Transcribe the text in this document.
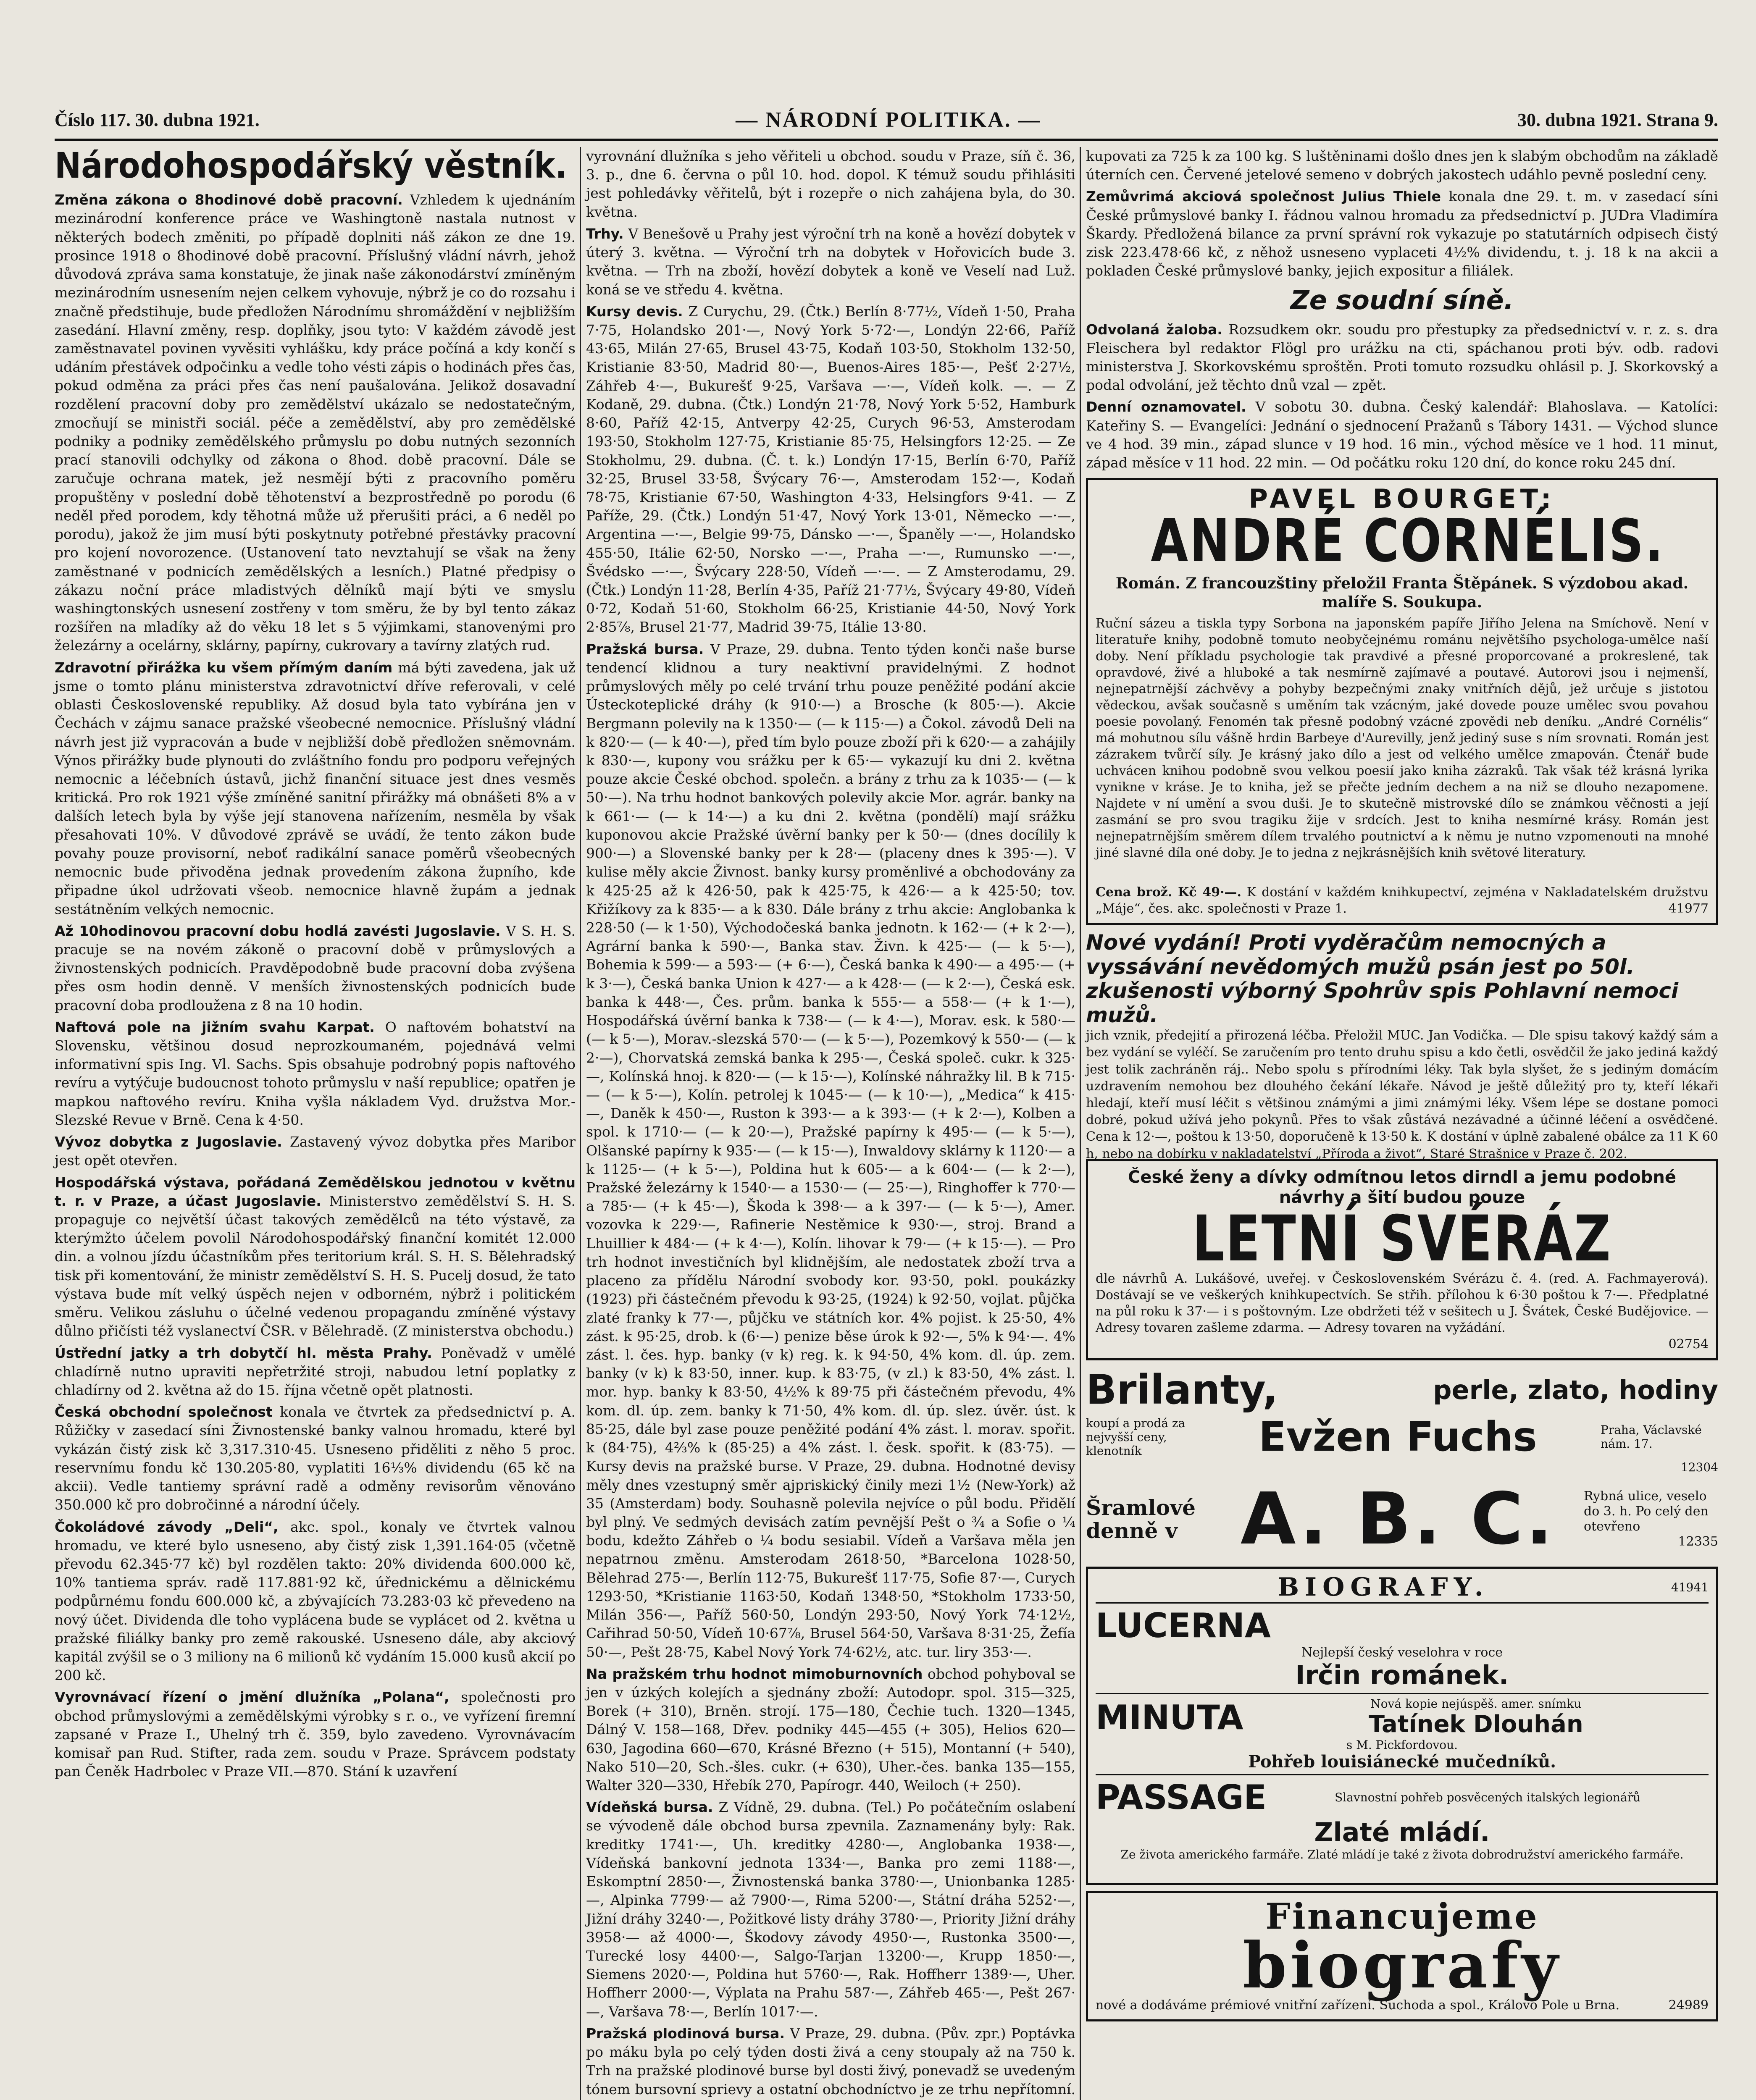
Číslo 117. 30. dubna 1921.	— NÁRODNÍ POLITIKA. —	30. dubna 1921. Strana 9.
Národohospodářský věstník.

Změna zákona o 8hodinové době pracovní. Vzhledem k ujednáním mezinárodní konference práce ve Washingtoně nastala nutnost v některých bodech změniti, po případě doplniti náš zákon ze dne 19. prosince 1918 o 8hodinové době pracovní. Příslušný vládní návrh, jehož důvodová zpráva sama konstatuje, že jinak naše zákonodárství zmíněným mezinárodním usnesením nejen celkem vyhovuje, nýbrž je co do rozsahu i značně předstihuje, bude předložen Národnímu shromáždění v nejbližším zasedání. Hlavní změny, resp. doplňky, jsou tyto: V každém závodě jest zaměstnavatel povinen vyvěsiti vyhlášku, kdy práce počíná a kdy končí s udáním přestávek odpočinku a vedle toho vésti zápis o hodinách přes čas, pokud odměna za práci přes čas není paušalována. Jelikož dosavadní rozdělení pracovní doby pro zemědělství ukázalo se nedostatečným, zmocňují se ministři sociál. péče a zemědělství, aby pro zemědělské podniky a podniky zemědělského průmyslu po dobu nutných sezonních prací stanovili odchylky od zákona o 8hod. době pracovní. Dále se zaručuje ochrana matek, jež nesmějí býti z pracovního poměru propuštěny v poslední době těhotenství a bezprostředně po porodu (6 neděl před porodem, kdy těhotná může už přerušiti práci, a 6 neděl po porodu), jakož že jim musí býti poskytnuty potřebné přestávky pracovní pro kojení novorozence. (Ustanovení tato nevztahují se však na ženy zaměstnané v podnicích zemědělských a lesních.) Platné předpisy o zákazu noční práce mladistvých dělníků mají býti ve smyslu washingtonských usnesení zostřeny v tom směru, že by byl tento zákaz rozšířen na mladíky až do věku 18 let s 5 výjimkami, stanovenými pro železárny a ocelárny, sklárny, papírny, cukrovary a tavírny zlatých rud.

Zdravotní přirážka ku všem přímým daním má býti zavedena, jak už jsme o tomto plánu ministerstva zdravotnictví dříve referovali, v celé oblasti Československé republiky. Až dosud byla tato vybírána jen v Čechách v zájmu sanace pražské všeobecné nemocnice. Příslušný vládní návrh jest již vypracován a bude v nejbližší době předložen sněmovnám. Výnos přirážky bude plynouti do zvláštního fondu pro podporu veřejných nemocnic a léčebních ústavů, jichž finanční situace jest dnes vesměs kritická. Pro rok 1921 výše zmíněné sanitní přirážky má obnášeti 8% a v dalších letech byla by výše její stanovena nařízením, nesměla by však přesahovati 10%. V důvodové zprávě se uvádí, že tento zákon bude povahy pouze provisorní, neboť radikální sanace poměrů všeobecných nemocnic bude přivoděna jednak provedením zákona župního, kde připadne úkol udržovati všeob. nemocnice hlavně župám a jednak sestátněním velkých nemocnic.

Až 10hodinovou pracovní dobu hodlá zavésti Jugoslavie. V S. H. S. pracuje se na novém zákoně o pracovní době v průmyslových a živnostenských podnicích. Pravděpodobně bude pracovní doba zvýšena přes osm hodin denně. V menších živnostenských podnicích bude pracovní doba prodloužena z 8 na 10 hodin.

Naftová pole na jižním svahu Karpat. O naftovém bohatství na Slovensku, většinou dosud neprozkoumaném, pojednává velmi informativní spis Ing. Vl. Sachs. Spis obsahuje podrobný popis naftového revíru a vytýčuje budoucnost tohoto průmyslu v naší republice; opatřen je mapkou naftového revíru. Kniha vyšla nákladem Vyd. družstva Mor.-Slezské Revue v Brně. Cena k 4·50.

Vývoz dobytka z Jugoslavie. Zastavený vývoz dobytka přes Maribor jest opět otevřen.

Hospodářská výstava, pořádaná Zemědělskou jednotou v květnu t. r. v Praze, a účast Jugoslavie. Ministerstvo zemědělství S. H. S. propaguje co největší účast takových zemědělců na této výstavě, za kterýmžto účelem povolil Národohospodářský finanční komitét 12.000 din. a volnou jízdu účastníkům přes teritorium král. S. H. S. Bělehradský tisk při komentování, že ministr zemědělství S. H. S. Pucelj dosud, že tato výstava bude mít velký úspěch nejen v odborném, nýbrž i politickém směru. Velikou zásluhu o účelné vedenou propagandu zmíněné výstavy důlno přičísti též vyslanectví ČSR. v Bělehradě. (Z ministerstva obchodu.)

Ústřední jatky a trh dobytčí hl. města Prahy. Poněvadž v umělé chladírně nutno upraviti nepřetržité stroji, nabudou letní poplatky z chladírny od 2. května až do 15. října včetně opět platnosti.

Česká obchodní společnost konala ve čtvrtek za předsednictví p. A. Růžičky v zasedací síni Živnostenské banky valnou hromadu, které byl vykázán čistý zisk kč 3,317.310·45. Usneseno přiděliti z něho 5 proc. reservnímu fondu kč 130.205·80, vyplatiti 16⅓% dividendu (65 kč na akcii). Vedle tantiemy správní radě a odměny revisorům věnováno 350.000 kč pro dobročinné a národní účely.

Čokoládové závody „Deli“, akc. spol., konaly ve čtvrtek valnou hromadu, ve které bylo usneseno, aby čistý zisk 1,391.164·05 (včetně převodu 62.345·77 kč) byl rozdělen takto: 20% dividenda 600.000 kč, 10% tantiema správ. radě 117.881·92 kč, úřednickému a dělnickému podpůrnému fondu 600.000 kč, a zbývajících 73.283·03 kč převedeno na nový účet. Dividenda dle toho vyplácena bude se vyplácet od 2. května u pražské filiálky banky pro země rakouské. Usneseno dále, aby akciový kapitál zvýšil se o 3 miliony na 6 milionů kč vydáním 15.000 kusů akcií po 200 kč.

Vyrovnávací řízení o jmění dlužníka „Polana“, společnosti pro obchod průmyslovými a zemědělskými výrobky s r. o., ve vyřízení firemní zapsané v Praze I., Uhelný trh č. 359, bylo zavedeno. Vyrovnávacím komisař pan Rud. Stifter, rada zem. soudu v Praze. Správcem podstaty pan Čeněk Hadrbolec v Praze VII.—870. Stání k uzavření

vyrovnání dlužníka s jeho věřiteli u obchod. soudu v Praze, síň č. 36, 3. p., dne 6. června o půl 10. hod. dopol. K témuž soudu přihlásiti jest pohledávky věřitelů, být i rozepře o nich zahájena byla, do 30. května.

Trhy. V Benešově u Prahy jest výroční trh na koně a hovězí dobytek v úterý 3. května. — Výroční trh na dobytek v Hořovicích bude 3. května. — Trh na zboží, hovězí dobytek a koně ve Veselí nad Luž. koná se ve středu 4. května.

Kursy devis. Z Curychu, 29. (Čtk.) Berlín 8·77½, Vídeň 1·50, Praha 7·75, Holandsko 201·—, Nový York 5·72·—, Londýn 22·66, Paříž 43·65, Milán 27·65, Brusel 43·75, Kodaň 103·50, Stokholm 132·50, Kristianie 83·50, Madrid 80·—, Buenos-Aires 185·—, Pešť 2·27½, Záhřeb 4·—, Bukurešť 9·25, Varšava —·—, Vídeň kolk. —. — Z Kodaně, 29. dubna. (Čtk.) Londýn 21·78, Nový York 5·52, Hamburk 8·60, Paříž 42·15, Antverpy 42·25, Curych 96·53, Amsterodam 193·50, Stokholm 127·75, Kristianie 85·75, Helsingfors 12·25. — Ze Stokholmu, 29. dubna. (Č. t. k.) Londýn 17·15, Berlín 6·70, Paříž 32·25, Brusel 33·58, Švýcary 76·—, Amsterodam 152·—, Kodaň 78·75, Kristianie 67·50, Washington 4·33, Helsingfors 9·41. — Z Paříže, 29. (Čtk.) Londýn 51·47, Nový York 13·01, Německo —·—, Argentina —·—, Belgie 99·75, Dánsko —·—, Španěly —·—, Holandsko 455·50, Itálie 62·50, Norsko —·—, Praha —·—, Rumunsko —·—, Švédsko —·—, Švýcary 228·50, Vídeň —·—. — Z Amsterodamu, 29. (Čtk.) Londýn 11·28, Berlín 4·35, Paříž 21·77½, Švýcary 49·80, Vídeň 0·72, Kodaň 51·60, Stokholm 66·25, Kristianie 44·50, Nový York 2·85⅞, Brusel 21·77, Madrid 39·75, Itálie 13·80.

Pražská bursa. V Praze, 29. dubna. Tento týden konči naše burse tendencí klidnou a tury neaktivní pravidelnými. Z hodnot průmyslových měly po celé trvání trhu pouze peněžité podání akcie Ústeckoteplické dráhy (k 910·—) a Brosche (k 805·—). Akcie Bergmann polevily na k 1350·— (— k 115·—) a Čokol. závodů Deli na k 820·— (— k 40·—), před tím bylo pouze zboží při k 620·— a zahájily k 830·—, kupony vou srážku per k 65·— vykazují ku dni 2. května pouze akcie České obchod. společn. a brány z trhu za k 1035·— (— k 50·—). Na trhu hodnot bankových polevily akcie Mor. agrár. banky na k 661·— (— k 14·—) a ku dni 2. května (pondělí) mají srážku kuponovou akcie Pražské úvěrní banky per k 50·— (dnes docílily k 900·—) a Slovenské banky per k 28·— (placeny dnes k 395·—). V kulise měly akcie Živnost. banky kursy proměnlivé a obchodovány za k 425·25 až k 426·50, pak k 425·75, k 426·— a k 425·50; tov. Křižíkovy za k 835·— a k 830. Dále brány z trhu akcie: Anglobanka k 228·50 (— k 1·50), Východočeská banka jednotn. k 162·— (+ k 2·—), Agrární banka k 590·—, Banka stav. Živn. k 425·— (— k 5·—), Bohemia k 599·— a 593·— (+ 6·—), Česká banka k 490·— a 495·— (+ k 3·—), Česká banka Union k 427·— a k 428·— (— k 2·—), Česká esk. banka k 448·—, Čes. prům. banka k 555·— a 558·— (+ k 1·—), Hospodářská úvěrní banka k 738·— (— k 4·—), Morav. esk. k 580·— (— k 5·—), Morav.-slezská 570·— (— k 5·—), Pozemkový k 550·— (— k 2·—), Chorvatská zemská banka k 295·—, Česká společ. cukr. k 325·—, Kolínská hnoj. k 820·— (— k 15·—), Kolínské náhražky lil. B k 715·— (— k 5·—), Kolín. petrolej k 1045·— (— k 10·—), „Medica“ k 415·—, Daněk k 450·—, Ruston k 393·— a k 393·— (+ k 2·—), Kolben a spol. k 1710·— (— k 20·—), Pražské papírny k 495·— (— k 5·—), Olšanské papírny k 935·— (— k 15·—), Inwaldovy sklárny k 1120·— a k 1125·— (+ k 5·—), Poldina hut k 605·— a k 604·— (— k 2·—), Pražské železárny k 1540·— a 1530·— (— 25·—), Ringhoffer k 770·— a 785·— (+ k 45·—), Škoda k 398·— a k 397·— (— k 5·—), Amer. vozovka k 229·—, Rafinerie Nestěmice k 930·—, stroj. Brand a Lhuillier k 484·— (+ k 4·—), Kolín. lihovar k 79·— (+ k 15·—). — Pro trh hodnot investičních byl klidnějším, ale nedostatek zboží trva a placeno za přídělu Národní svobody kor. 93·50, pokl. poukázky (1923) při částečném převodu k 93·25, (1924) k 92·50, vojlat. půjčka zlaté franky k 77·—, půjčku ve státních kor. 4% pojist. k 25·50, 4% zást. k 95·25, drob. k (6·—) penize běse úrok k 92·—, 5% k 94·—. 4% zást. l. čes. hyp. banky (v k) reg. k. k 94·50, 4% kom. dl. úp. zem. banky (v k) k 83·50, inner. kup. k 83·75, (v zl.) k 83·50, 4% zást. l. mor. hyp. banky k 83·50, 4½% k 89·75 při částečném převodu, 4% kom. dl. úp. zem. banky k 71·50, 4% kom. dl. úp. slez. úvěr. úst. k 85·25, dále byl zase pouze peněžité podání 4% zást. l. morav. spořit. k (84·75), 4⅔% k (85·25) a 4% zást. l. česk. spořit. k (83·75). — Kursy devis na pražské burse. V Praze, 29. dubna. Hodnotné devisy měly dnes vzestupný směr ajpriskický činily mezi 1½ (New-York) až 35 (Amsterdam) body. Souhasně polevila nejvíce o půl bodu. Přidělí byl plný. Ve sedmých devisách zatím pevnější Pešt o ¾ a Sofie o ¼ bodu, kdežto Záhřeb o ¼ bodu sesiabil. Vídeň a Varšava měla jen nepatrnou změnu. Amsterodam 2618·50, *Barcelona 1028·50, Bělehrad 275·—, Berlín 112·75, Bukurešť 117·75, Sofie 87·—, Curych 1293·50, *Kristianie 1163·50, Kodaň 1348·50, *Stokholm 1733·50, Milán 356·—, Paříž 560·50, Londýn 293·50, Nový York 74·12½, Cařihrad 50·50, Vídeň 10·67⅞, Brusel 564·50, Varšava 8·31·25, Žefía 50·—, Pešt 28·75, Kabel Nový York 74·62½, atc. tur. liry 353·—.

Na pražském trhu hodnot mimoburnovních obchod pohyboval se jen v úzkých kolejích a sjednány zboží: Autodopr. spol. 315—325, Borek (+ 310), Brněn. strojí. 175—180, Čechie tuch. 1320—1345, Dálný V. 158—168, Dřev. podniky 445—455 (+ 305), Helios 620—630, Jagodina 660—670, Krásné Březno (+ 515), Montanní (+ 540), Nako 510—20, Sch.-šles. cukr. (+ 630), Uher.-čes. banka 135—155, Walter 320—330, Hřebík 270, Papírogr. 440, Weiloch (+ 250).

Vídeňská bursa. Z Vídně, 29. dubna. (Tel.) Po počátečním oslabení se vývodeně dále obchod bursa zpevnila. Zaznamenány byly: Rak. kreditky 1741·—, Uh. kreditky 4280·—, Anglobanka 1938·—, Vídeňská bankovní jednota 1334·—, Banka pro zemi 1188·—, Eskomptní 2850·—, Živnostenská banka 3780·—, Unionbanka 1285·—, Alpinka 7799·— až 7900·—, Rima 5200·—, Státní dráha 5252·—, Jižní dráhy 3240·—, Požitkové listy dráhy 3780·—, Priority Jižní dráhy 3958·— až 4000·—, Škodovy závody 4950·—, Rustonka 3500·—, Turecké losy 4400·—, Salgo-Tarjan 13200·—, Krupp 1850·—, Siemens 2020·—, Poldina hut 5760·—, Rak. Hoffherr 1389·—, Uher. Hoffherr 2000·—, Výplata na Prahu 587·—, Záhřeb 465·—, Pešt 267·—, Varšava 78·—, Berlín 1017·—.

Pražská plodinová bursa. V Praze, 29. dubna. (Pův. zpr.) Poptávka po máku byla po celý týden dosti živá a ceny stoupaly až na 750 k. Trh na pražské plodinové burse byl dosti živý, ponevadž se uvedeným tónem bursovní sprievy a ostatní obchodníctvo je ze trhu nepřítomní.

kupovati za 725 k za 100 kg. S luštěninami došlo dnes jen k slabým obchodům na základě úterních cen. Červené jetelové semeno v dobrých jakostech udáhlo pevně poslední ceny.

Zemůvrimá akciová společnost Julius Thiele konala dne 29. t. m. v zasedací síni České průmyslové banky I. řádnou valnou hromadu za předsednictví p. JUDra Vladimíra Škardy. Předložená bilance za první správní rok vykazuje po statutárních odpisech čistý zisk 223.478·66 kč, z něhož usneseno vyplaceti 4½% dividendu, t. j. 18 k na akcii a pokladen České průmyslové banky, jejich expositur a filiálek.

Ze soudní síně.

Odvolaná žaloba. Rozsudkem okr. soudu pro přestupky za předsednictví v. r. z. s. dra Fleischera byl redaktor Flögl pro urážku na cti, spáchanou proti býv. odb. radovi ministerstva J. Skorkovskému sproštěn. Proti tomuto rozsudku ohlásil p. J. Skorkovský a podal odvolání, jež těchto dnů vzal — zpět.

Denní oznamovatel. V sobotu 30. dubna. Český kalendář: Blahoslava. — Katolíci: Kateřiny S. — Evangelíci: Jednání o sjednocení Pražanů s Tábory 1431. — Východ slunce ve 4 hod. 39 min., západ slunce v 19 hod. 16 min., východ měsíce ve 1 hod. 11 minut, západ měsíce v 11 hod. 22 min. — Od počátku roku 120 dní, do konce roku 245 dní.

PAVEL BOURGET:
ANDRÉ CORNÉLIS.
Román. Z francouzštiny přeložil Franta Štěpánek. S výzdobou akad. malíře S. Soukupa.
Ruční sázeu a tiskla typy Sorbona na japonském papíře Jiřího Jelena na Smíchově. Není v literatuře knihy, podobně tomuto neobyčejnému románu největšího psychologa-umělce naší doby. Není příkladu psychologie tak pravdivé a přesné proporcované a prokreslené, tak opravdové, živé a hluboké a tak nesmírně zajímavé a poutavé. Autorovi jsou i nejmenší, nejnepatrnější záchvěvy a pohyby bezpečnými znaky vnitřních dějů, jež určuje s jistotou vědeckou, avšak současně s uměním tak vzácným, jaké dovede pouze umělec svou povahou poesie povolaný. Fenomén tak přesně podobný vzácné zpovědi neb deníku. „André Cornélis“ má mohutnou sílu vášně hrdin Barbeye d'Aurevilly, jenž jediný suse s ním srovnati. Román jest zázrakem tvůrčí síly. Je krásný jako dílo a jest od velkého umělce zmapován. Čtenář bude uchvácen knihou podobně svou velkou poesií jako kniha zázraků. Tak však též krásná lyrika vynikne v kráse. Je to kniha, jež se přečte jedním dechem a na niž se dlouho nezapomene. Najdete v ní umění a svou duši. Je to skutečně mistrovské dílo se známkou věčnosti a její zasmání se pro svou tragiku žije v srdcích. Jest to kniha nesmírné krásy. Román jest nejnepatrnějším směrem dílem trvalého poutnictví a k němu je nutno vzpomenouti na mnohé jiné slavné díla oné doby. Je to jedna z nejkrásnějších knih světové literatury.
Cena brož. Kč 49·—. K dostání v každém knihkupectví, zejména v Nakladatelském družstvu „Máje“, čes. akc. společnosti v Praze 1.	41977
Nové vydání! Proti vyděračům nemocných a vyssávání nevědomých mužů psán jest po 50l. zkušenosti výborný Spohrův spis Pohlavní nemoci mužů.
jich vznik, předejití a přirozená léčba. Přeložil MUC. Jan Vodička. — Dle spisu takový každý sám a bez vydání se vyléčí. Se zaručením pro tento druhu spisu a kdo četli, osvědčil že jako jediná každý jest tolik zachráněn ráj.. Nebo spolu s přírodními léky. Tak byla slyšet, že s jediným domácím uzdravením nemohou bez dlouhého čekání lékaře. Návod je ještě důležitý pro ty, kteří lékaři hledají, kteří musí léčit s většinou známými a jimi známými léky. Všem lépe se dostane pomoci dobré, pokud užívá jeho pokynů. Přes to však zůstává nezávadné a účinné léčení a osvědčené. Cena k 12·—, poštou k 13·50, doporučeně k 13·50 k. K dostání v úplně zabalené obálce za 11 K 60 h, nebo na dobírku v nakladatelství „Příroda a život“, Staré Strašnice v Praze č. 202.
České ženy a dívky odmítnou letos dirndl a jemu podobné návrhy a šití budou pouze
LETNÍ SVÉRÁZ
dle návrhů A. Lukášové, uveřej. v Československém Svérázu č. 4. (red. A. Fachmayerová). Dostávají se ve veškerých knihkupectvích. Se střih. přílohou k 6·30 poštou k 7·—. Předplatné na půl roku k 37·— i s poštovným. Lze obdržeti též v sešitech u J. Švátek, České Budějovice. — Adresy tovaren zašleme zdarma. — Adresy tovaren na vyžádání.
02754
Brilanty,	perle, zlato, hodiny
koupí a prodá za nejvyšší ceny, klenotník	Evžen Fuchs	Praha, Václavské nám. 17.
12304
Šramlové denně v A. B. C. Rybná ulice, veselo do 3. h. Po celý den otevřeno
12335
BIOGRAFY.	41941
LUCERNA
Nejlepší český veselohra v roce
Irčin románek.
MINUTA	Nová kopie nejúspěš. amer. snímku
Tatínek Dlouhán
s M. Pickfordovou.
Pohřeb louisiánecké mučedníků.
PASSAGE	Slavnostní pohřeb posvěcených italských legionářů
Zlaté mládí.
Ze života amerického farmáře. Zlaté mládí je také z života dobrodružství amerického farmáře.
Financujeme
biografy
nové a dodáváme prémiové vnitřní zařízení. Suchoda a spol., Královo Pole u Brna.	24989
